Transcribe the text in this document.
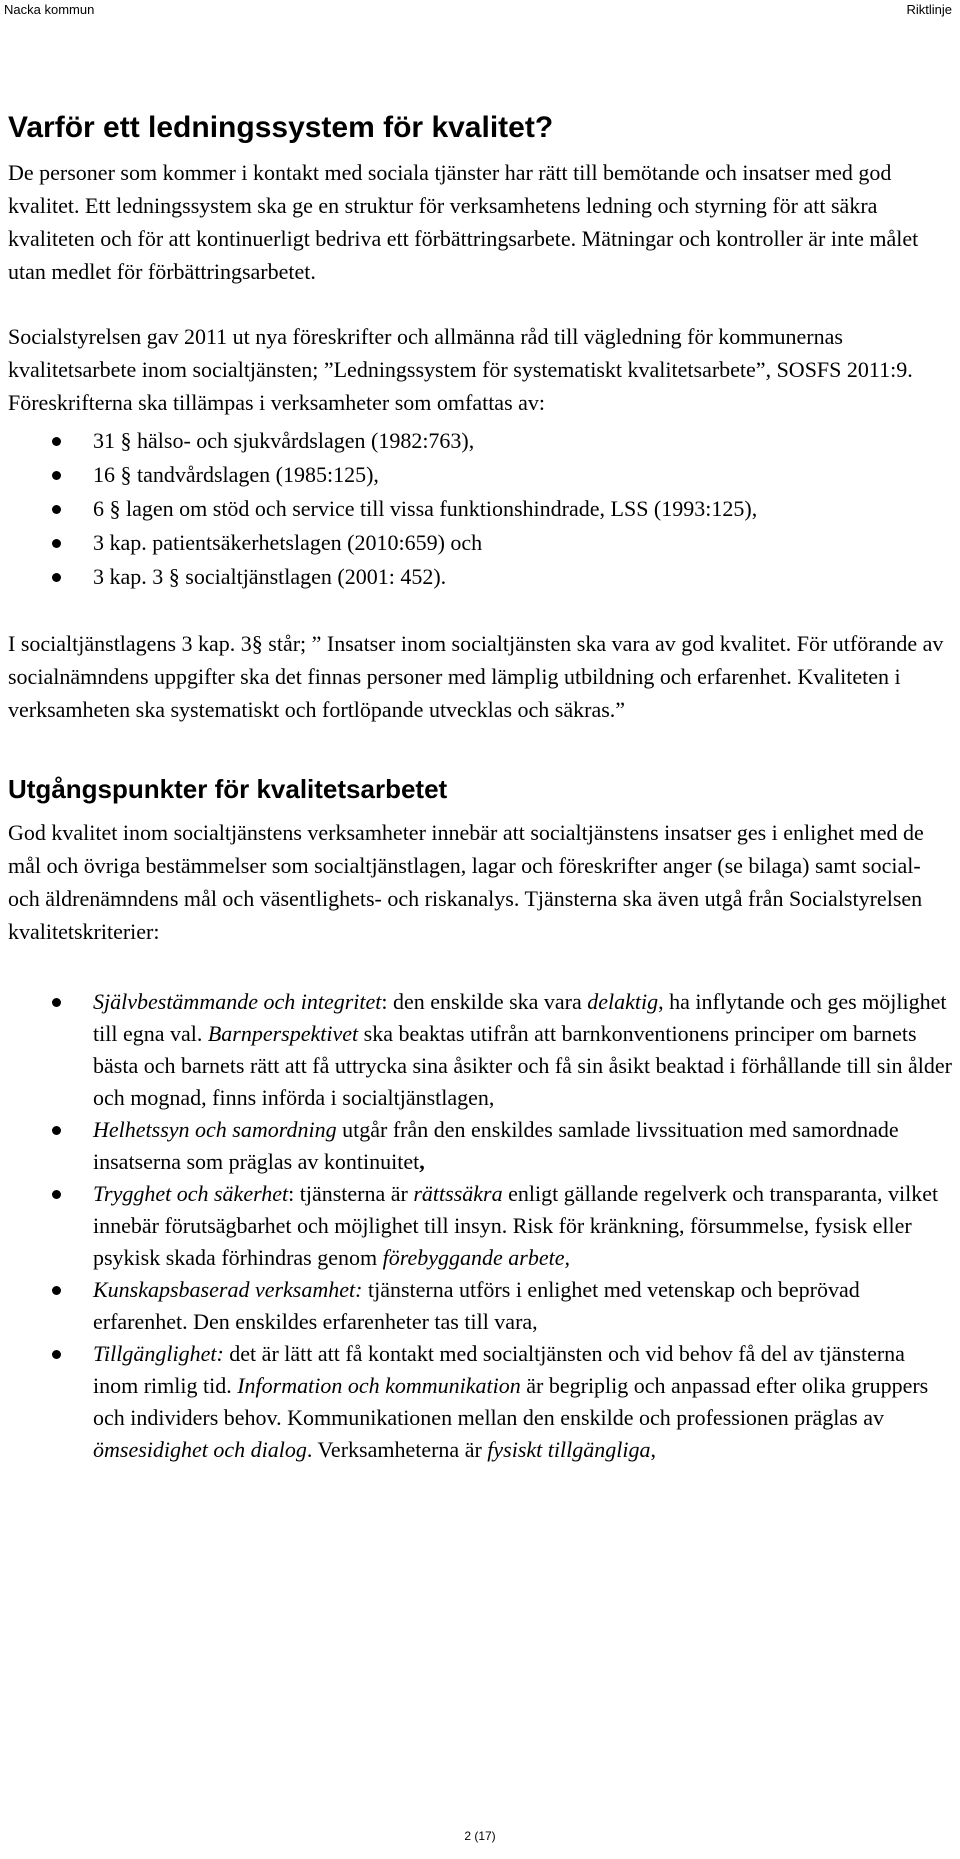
Nacka kommun	Riktlinje
Varför ett ledningssystem för kvalitet?

De personer som kommer i kontakt med sociala tjänster har rätt till bemötande och insatser med god kvalitet. Ett ledningssystem ska ge en struktur för verksamhetens ledning och styrning för att säkra kvaliteten och för att kontinuerligt bedriva ett förbättringsarbete. Mätningar och kontroller är inte målet utan medlet för förbättringsarbetet.

Socialstyrelsen gav 2011 ut nya föreskrifter och allmänna råd till vägledning för kommunernas kvalitetsarbete inom socialtjänsten; ”Ledningssystem för systematiskt kvalitetsarbete”, SOSFS 2011:9. Föreskrifterna ska tillämpas i verksamheter som omfattas av:

31 § hälso- och sjukvårdslagen (1982:763),
16 § tandvårdslagen (1985:125),
6 § lagen om stöd och service till vissa funktionshindrade, LSS (1993:125),
3 kap. patientsäkerhetslagen (2010:659) och
3 kap. 3 § socialtjänstlagen (2001: 452).

I socialtjänstlagens 3 kap. 3§ står; ” Insatser inom socialtjänsten ska vara av god kvalitet. För utförande av socialnämndens uppgifter ska det finnas personer med lämplig utbildning och erfarenhet. Kvaliteten i verksamheten ska systematiskt och fortlöpande utvecklas och säkras.”

Utgångspunkter för kvalitetsarbetet

God kvalitet inom socialtjänstens verksamheter innebär att socialtjänstens insatser ges i enlighet med de mål och övriga bestämmelser som socialtjänstlagen, lagar och föreskrifter anger (se bilaga) samt social- och äldrenämndens mål och väsentlighets- och riskanalys. Tjänsterna ska även utgå från Socialstyrelsen kvalitetskriterier:

Självbestämmande och integritet: den enskilde ska vara delaktig, ha inflytande och ges möjlighet till egna val. Barnperspektivet ska beaktas utifrån att barnkonventionens principer om barnets bästa och barnets rätt att få uttrycka sina åsikter och få sin åsikt beaktad i förhållande till sin ålder och mognad, finns införda i socialtjänstlagen,
Helhetssyn och samordning utgår från den enskildes samlade livssituation med samordnade insatserna som präglas av kontinuitet,
Trygghet och säkerhet: tjänsterna är rättssäkra enligt gällande regelverk och transparanta, vilket innebär förutsägbarhet och möjlighet till insyn. Risk för kränkning, försummelse, fysisk eller psykisk skada förhindras genom förebyggande arbete,
Kunskapsbaserad verksamhet: tjänsterna utförs i enlighet med vetenskap och beprövad erfarenhet. Den enskildes erfarenheter tas till vara,
Tillgänglighet: det är lätt att få kontakt med socialtjänsten och vid behov få del av tjänsterna inom rimlig tid. Information och kommunikation är begriplig och anpassad efter olika gruppers och individers behov. Kommunikationen mellan den enskilde och professionen präglas av ömsesidighet och dialog. Verksamheterna är fysiskt tillgängliga,
2 (17)
